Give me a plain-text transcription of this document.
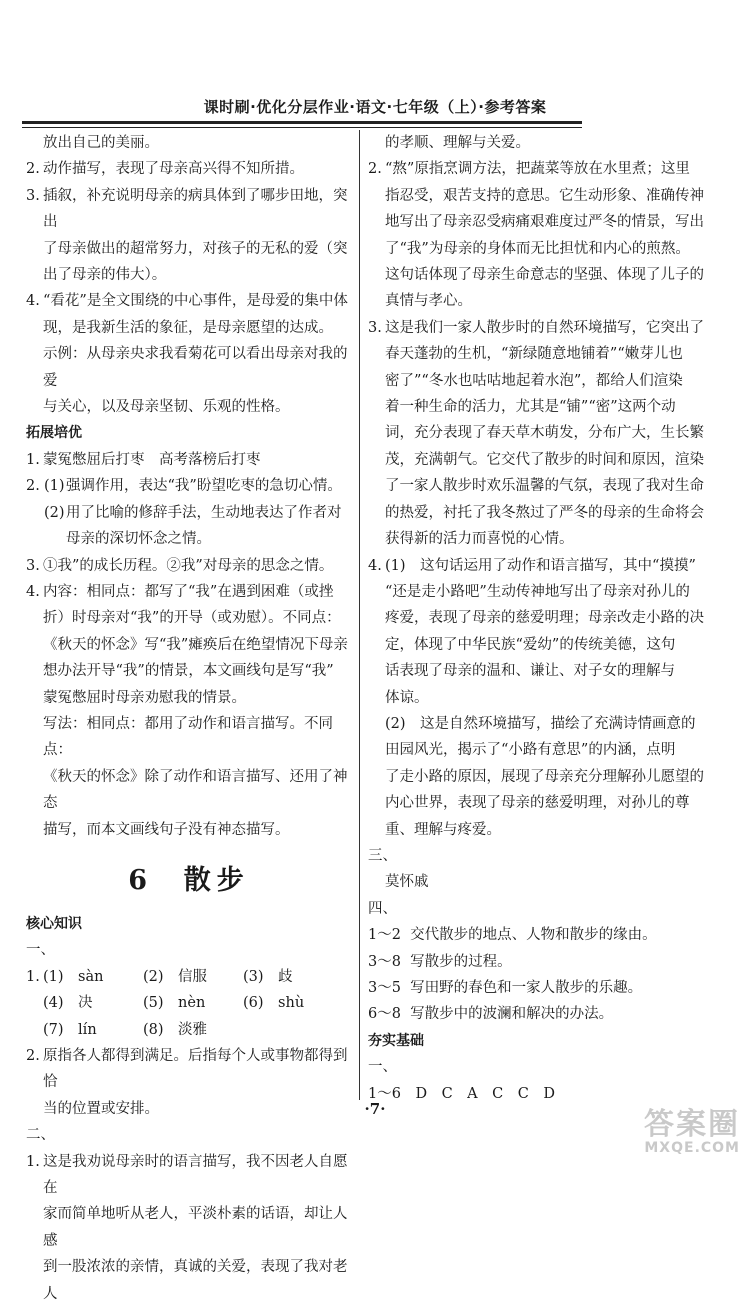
课时刷·优化分层作业·语文·七年级（上）·参考答案
放出自己的美丽。
2. 动作描写，表现了母亲高兴得不知所措。
3. 插叙，补充说明母亲的病具体到了哪步田地，突出
了母亲做出的超常努力，对孩子的无私的爱（突
出了母亲的伟大）。
4. “看花”是全文围绕的中心事件，是母爱的集中体
现，是我新生活的象征，是母亲愿望的达成。
示例：从母亲央求我看菊花可以看出母亲对我的爱
与关心，以及母亲坚韧、乐观的性格。
拓展培优
1. 蒙冤憋屈后打枣　高考落榜后打枣
2. (1) 强调作用，表达“我”盼望吃枣的急切心情。
(2) 用了比喻的修辞手法，生动地表达了作者对
母亲的深切怀念之情。
3. ①我”的成长历程。②我”对母亲的思念之情。
4. 内容：相同点：都写了“我”在遇到困难（或挫
折）时母亲对“我”的开导（或劝慰）。不同点：
《秋天的怀念》写“我”瘫痪后在绝望情况下母亲
想办法开导“我”的情景，本文画线句是写“我”
蒙冤憋屈时母亲劝慰我的情景。
写法：相同点：都用了动作和语言描写。不同点：
《秋天的怀念》除了动作和语言描写、还用了神态
描写，而本文画线句子没有神态描写。
6 散步
核心知识
一、
1. (1)　sàn	(2)　信服	(3)　歧
(4)　决	(5)　nèn	(6)　shù
(7)　lín	(8)　淡雅
2. 原指各人都得到满足。后指每个人或事物都得到恰
当的位置或安排。
二、
1. 这是我劝说母亲时的语言描写，我不因老人自愿在
家而简单地听从老人，平淡朴素的话语，却让人感
到一股浓浓的亲情，真诚的关爱，表现了我对老人
的孝顺、理解与关爱。
2. “熬”原指烹调方法，把蔬菜等放在水里煮；这里
指忍受，艰苦支持的意思。它生动形象、准确传神
地写出了母亲忍受病痛艰难度过严冬的情景，写出
了“我”为母亲的身体而无比担忧和内心的煎熬。
这句话体现了母亲生命意志的坚强、体现了儿子的
真情与孝心。
3. 这是我们一家人散步时的自然环境描写，它突出了
春天蓬勃的生机，“新绿随意地铺着”“嫩芽儿也
密了”“冬水也咕咕地起着水泡”，都给人们渲染
着一种生命的活力，尤其是“铺”“密”这两个动
词，充分表现了春天草木萌发，分布广大，生长繁
茂，充满朝气。它交代了散步的时间和原因，渲染
了一家人散步时欢乐温馨的气氛，表现了我对生命
的热爱，衬托了我冬熬过了严冬的母亲的生命将会
获得新的活力而喜悦的心情。
4. (1)　这句话运用了动作和语言描写，其中“摸摸”
“还是走小路吧”生动传神地写出了母亲对孙儿的
疼爱，表现了母亲的慈爱明理；母亲改走小路的决
定，体现了中华民族“爱幼”的传统美德，这句
话表现了母亲的温和、谦让、对子女的理解与
体谅。
(2)　这是自然环境描写，描绘了充满诗情画意的
田园风光，揭示了“小路有意思”的内涵，点明
了走小路的原因，展现了母亲充分理解孙儿愿望的
内心世界，表现了母亲的慈爱明理，对孙儿的尊
重、理解与疼爱。
三、
莫怀戚
四、
1～2 交代散步的地点、人物和散步的缘由。
3～8 写散步的过程。
3～5 写田野的春色和一家人散步的乐趣。
6～8 写散步中的波澜和解决的办法。
夯实基础
一、
1～6　D　C　A　C　C　D
·7·	答案圈
MXQE.COM
